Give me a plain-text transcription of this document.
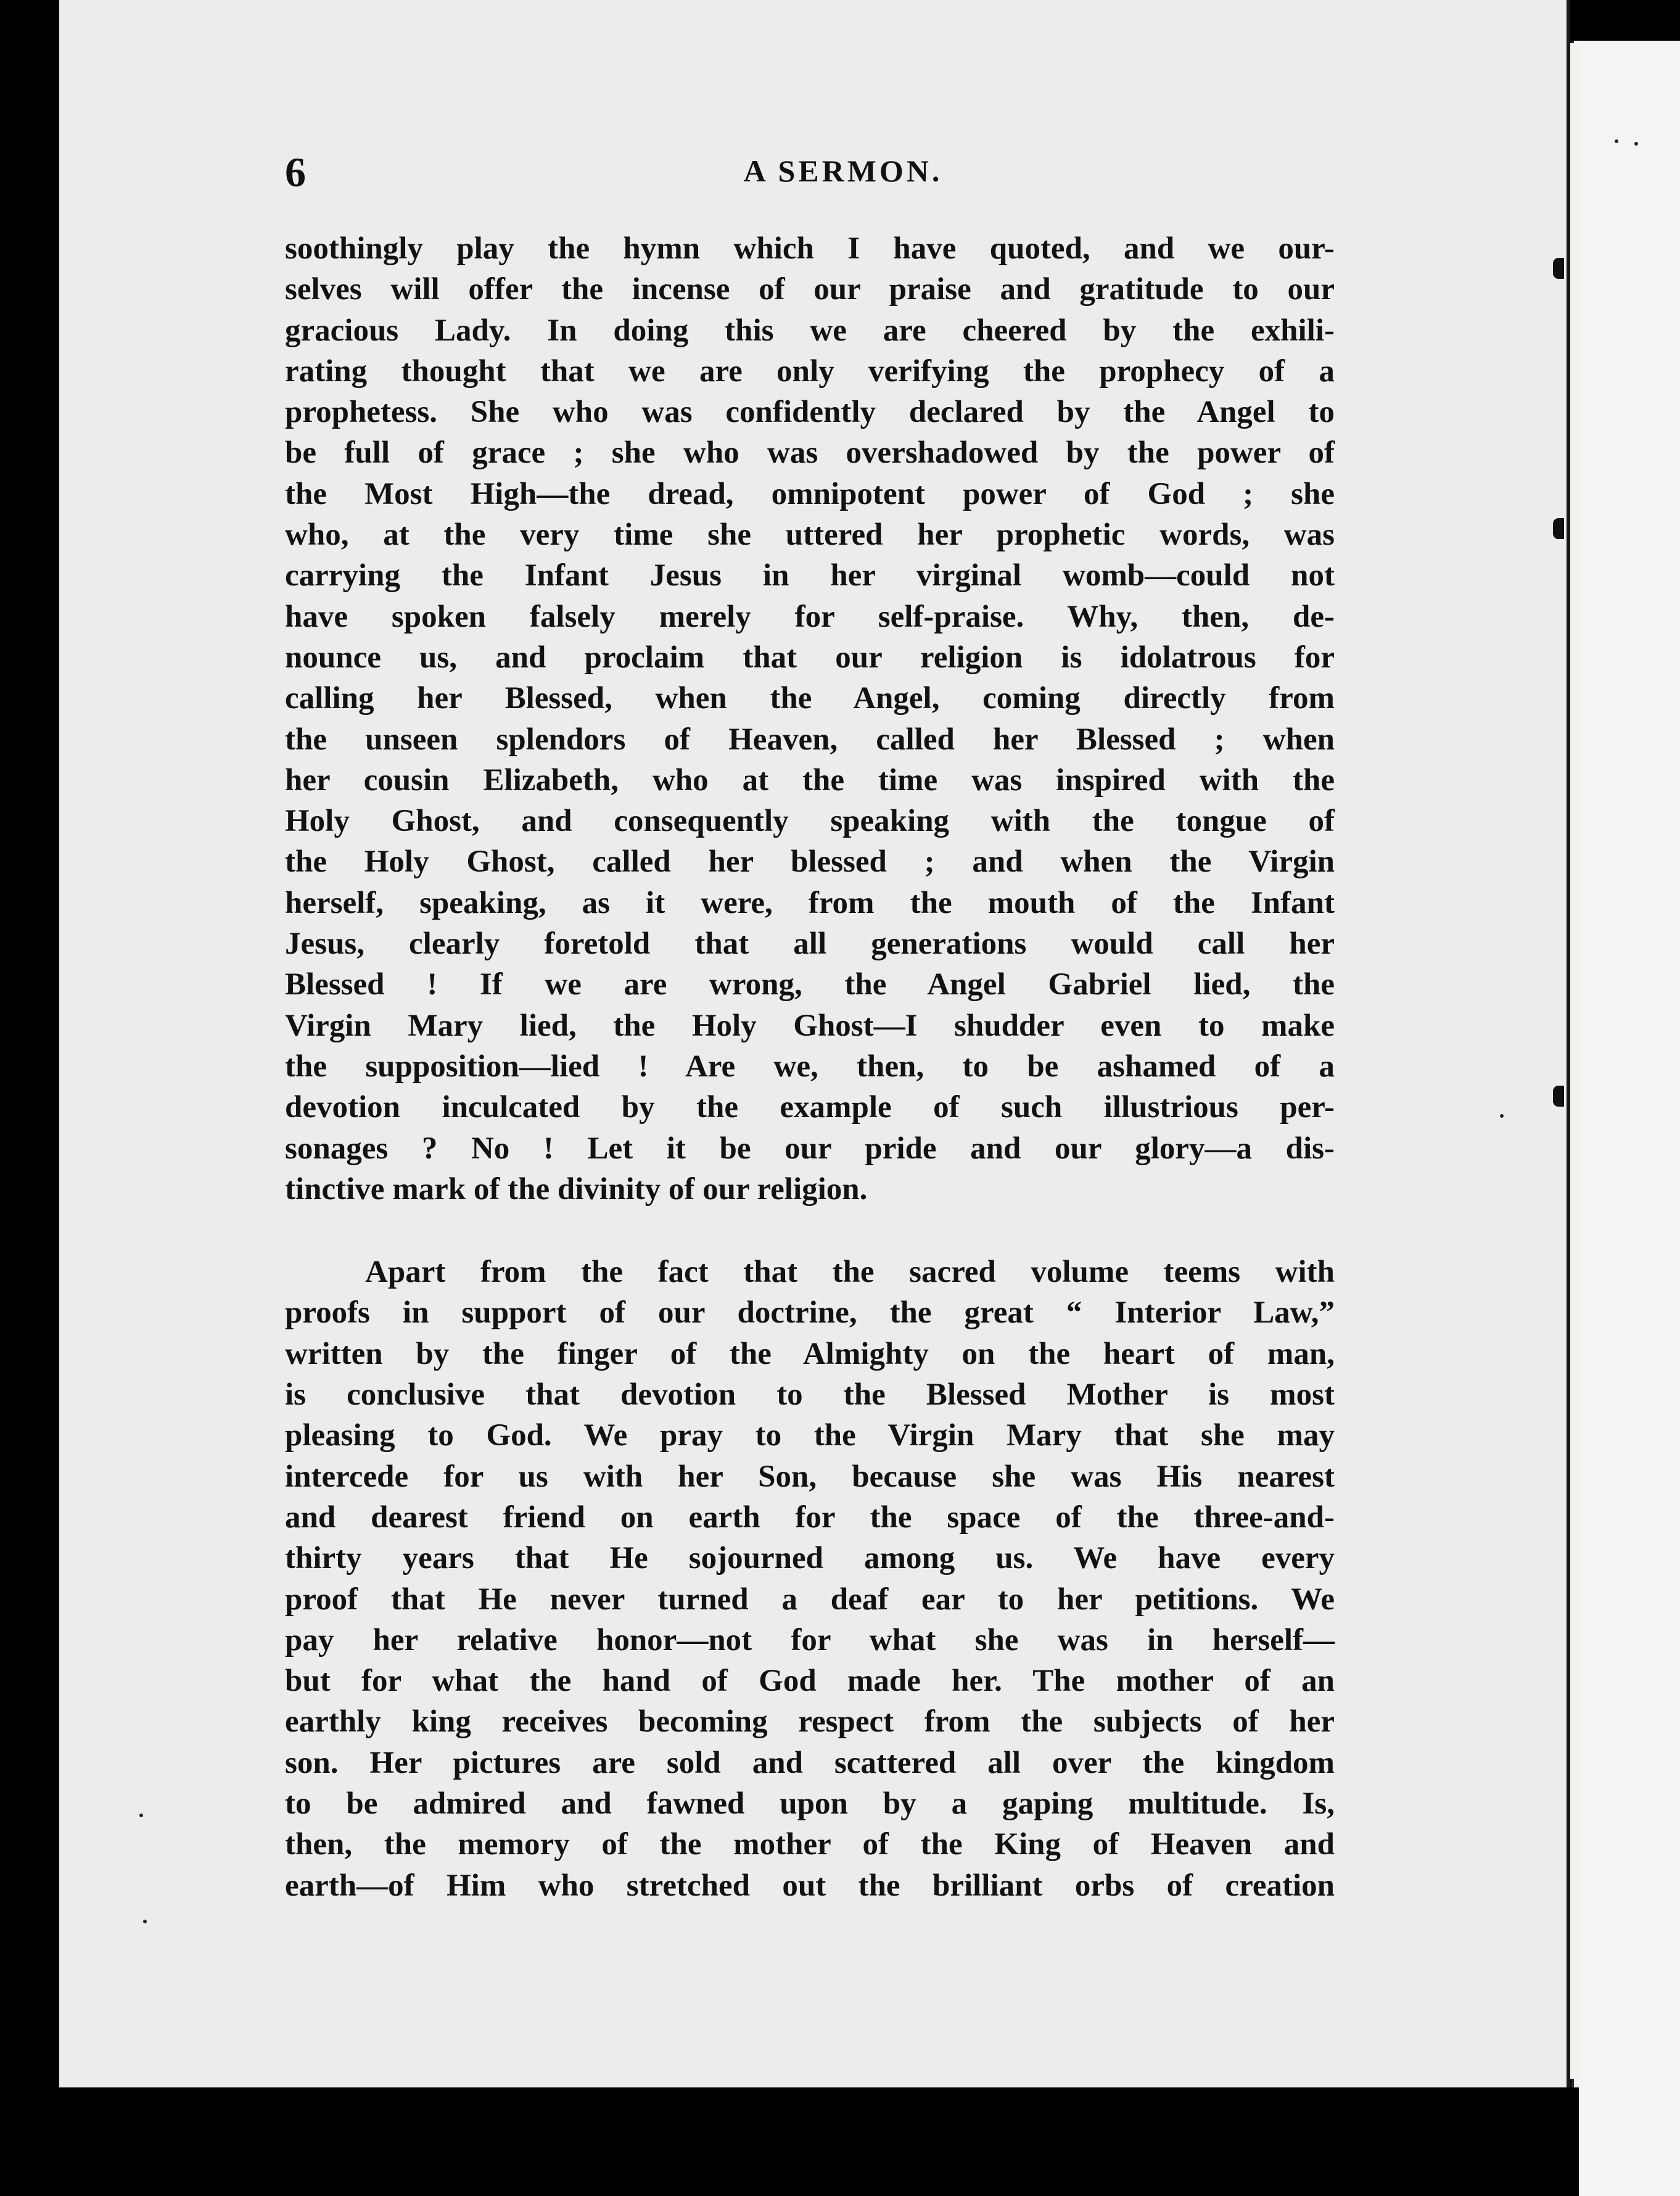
6	A SERMON.
soothingly play the hymn which I have quoted, and we our-
selves will offer the incense of our praise and gratitude to our
gracious Lady. In doing this we are cheered by the exhili-
rating thought that we are only verifying the prophecy of a
prophetess. She who was confidently declared by the Angel to
be full of grace ; she who was overshadowed by the power of
the Most High—the dread, omnipotent power of God ; she
who, at the very time she uttered her prophetic words, was
carrying the Infant Jesus in her virginal womb—could not
have spoken falsely merely for self-praise. Why, then, de-
nounce us, and proclaim that our religion is idolatrous for
calling her Blessed, when the Angel, coming directly from
the unseen splendors of Heaven, called her Blessed ; when
her cousin Elizabeth, who at the time was inspired with the
Holy Ghost, and consequently speaking with the tongue of
the Holy Ghost, called her blessed ; and when the Virgin
herself, speaking, as it were, from the mouth of the Infant
Jesus, clearly foretold that all generations would call her
Blessed ! If we are wrong, the Angel Gabriel lied, the
Virgin Mary lied, the Holy Ghost—I shudder even to make
the supposition—lied ! Are we, then, to be ashamed of a
devotion inculcated by the example of such illustrious per-
sonages ? No ! Let it be our pride and our glory—a dis-
tinctive mark of the divinity of our religion.
Apart from the fact that the sacred volume teems with
proofs in support of our doctrine, the great “ Interior Law,”
written by the finger of the Almighty on the heart of man,
is conclusive that devotion to the Blessed Mother is most
pleasing to God. We pray to the Virgin Mary that she may
intercede for us with her Son, because she was His nearest
and dearest friend on earth for the space of the three-and-
thirty years that He sojourned among us. We have every
proof that He never turned a deaf ear to her petitions. We
pay her relative honor—not for what she was in herself—
but for what the hand of God made her. The mother of an
earthly king receives becoming respect from the subjects of her
son. Her pictures are sold and scattered all over the kingdom
to be admired and fawned upon by a gaping multitude. Is,
then, the memory of the mother of the King of Heaven and
earth—of Him who stretched out the brilliant orbs of creation
